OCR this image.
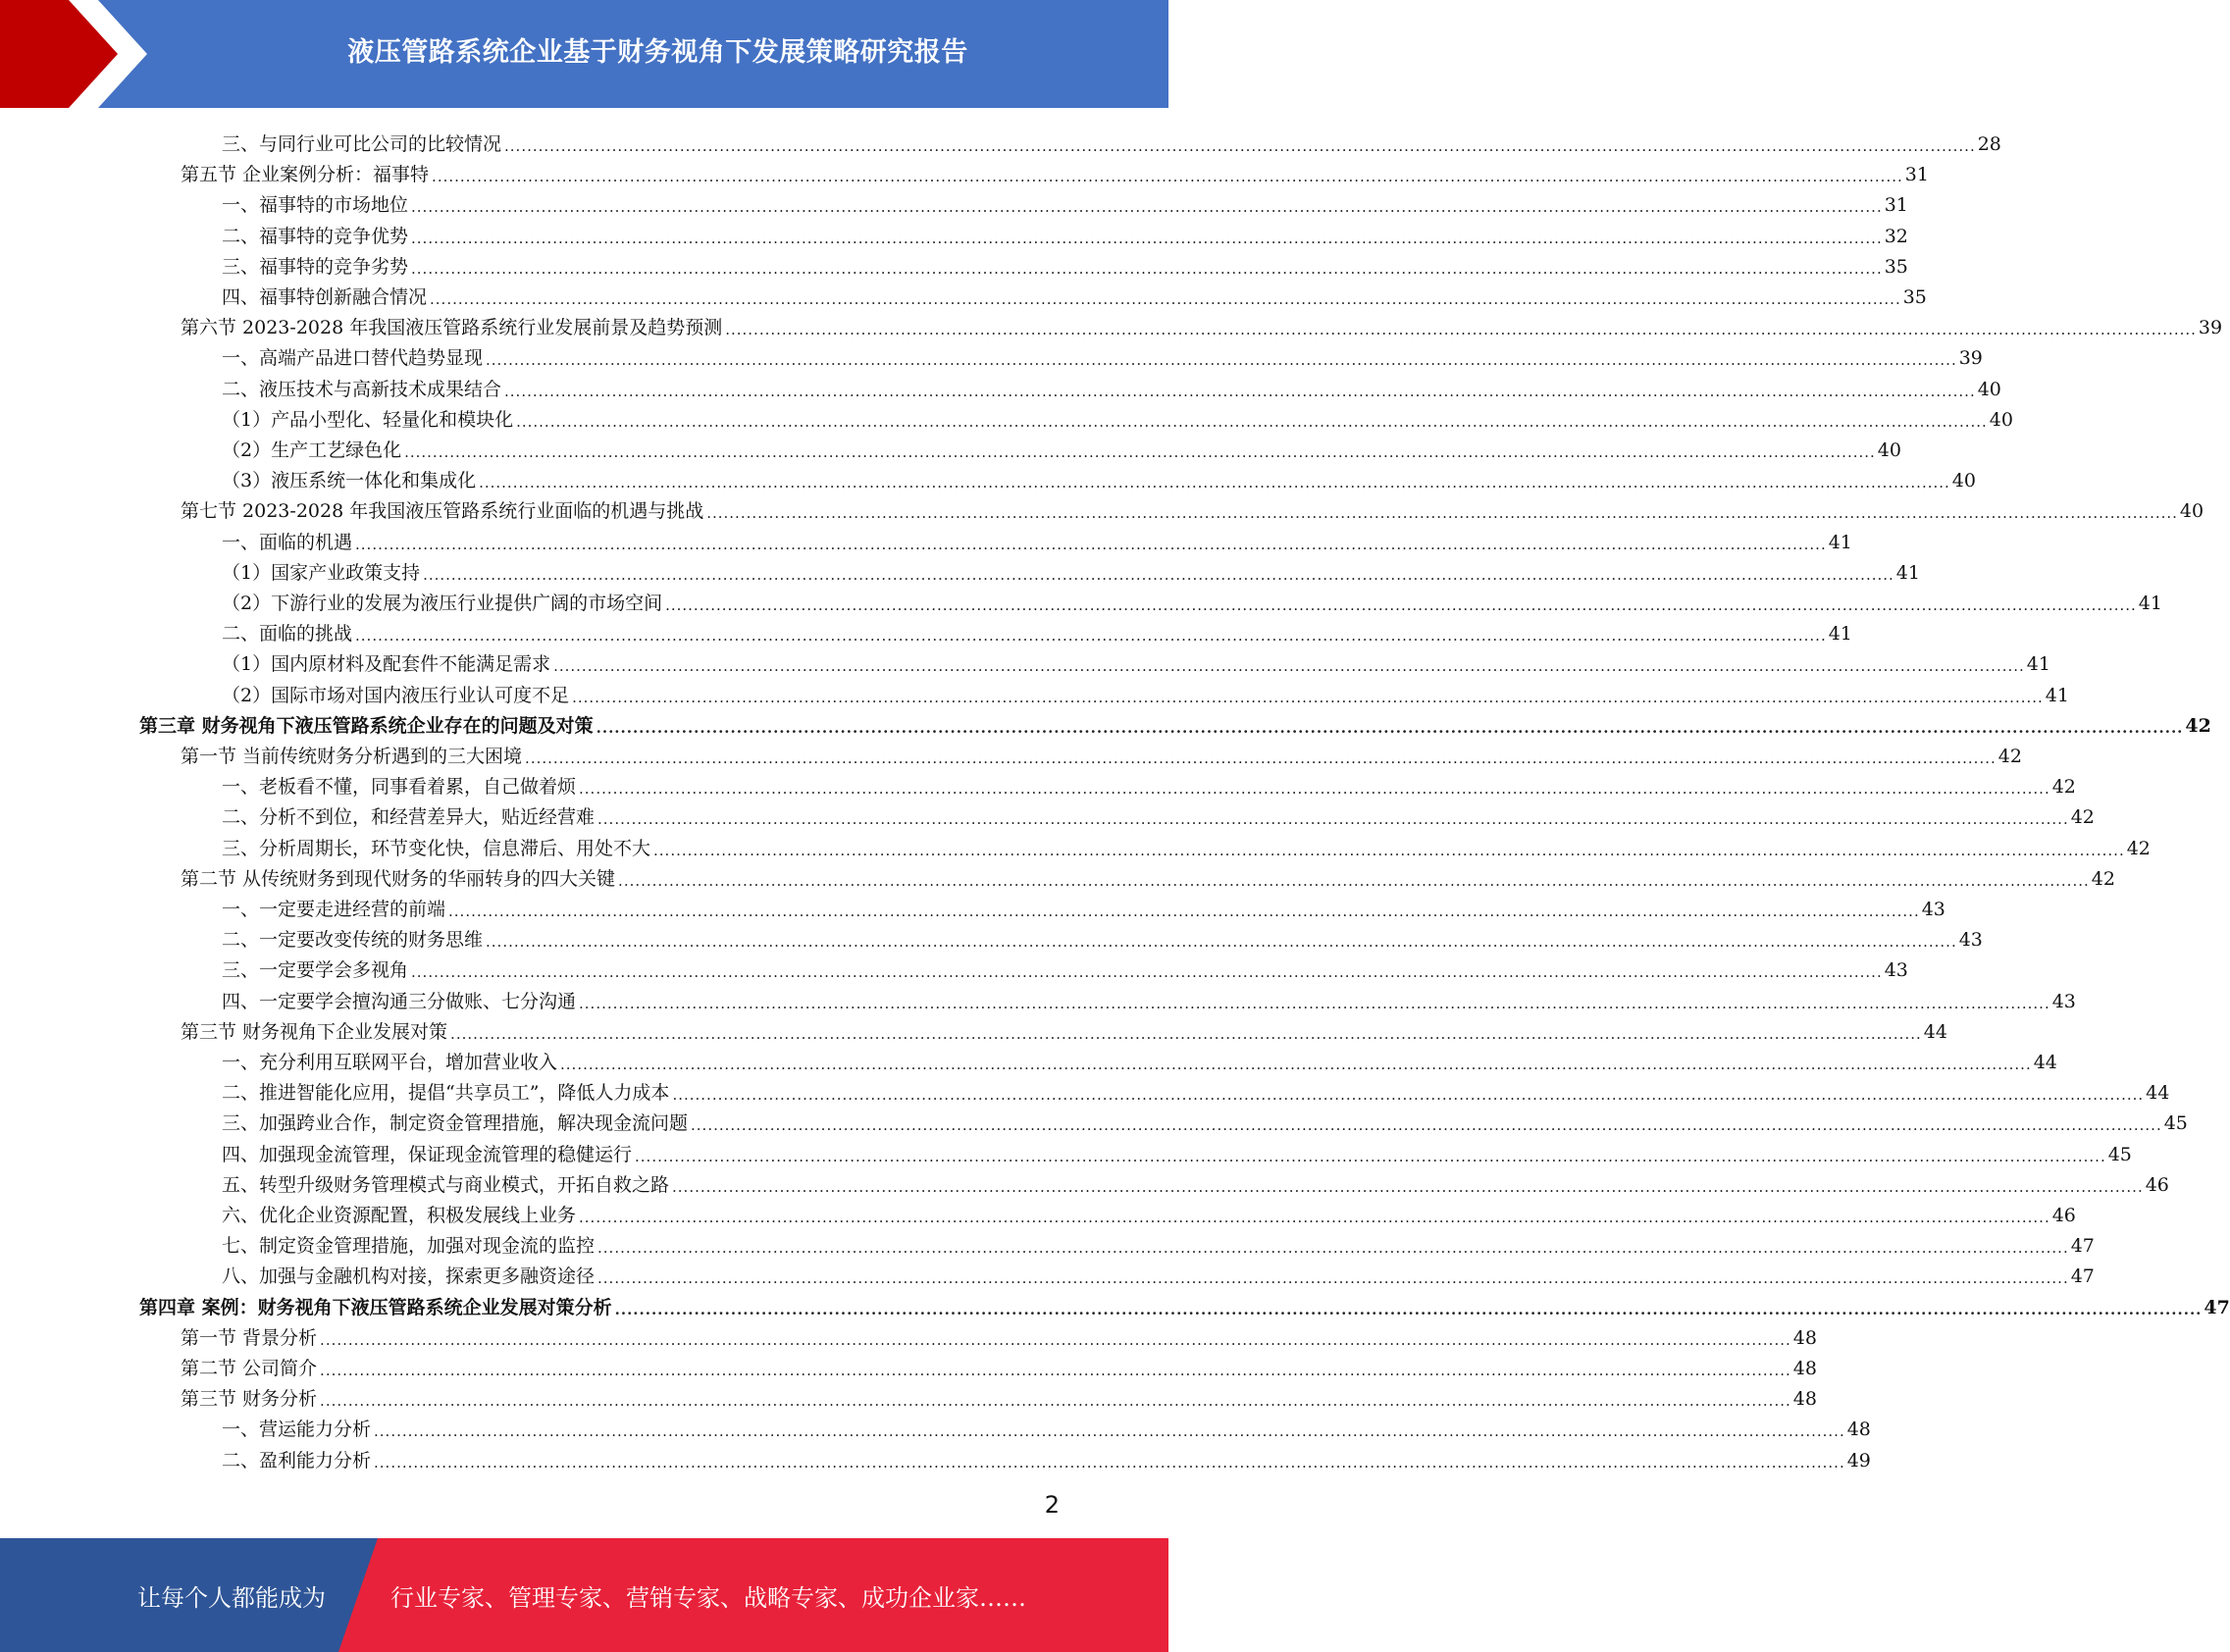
液压管路系统企业基于财务视角下发展策略研究报告
三、与同行业可比公司的比较情况 .................................................................................................................................................................................................................................................................... 28
第五节 企业案例分析：福事特 .................................................................................................................................................................................................................................................................... 31
一、福事特的市场地位 .................................................................................................................................................................................................................................................................... 31
二、福事特的竞争优势 .................................................................................................................................................................................................................................................................... 32
三、福事特的竞争劣势 .................................................................................................................................................................................................................................................................... 35
四、福事特创新融合情况 .................................................................................................................................................................................................................................................................... 35
第六节 2023-2028 年我国液压管路系统行业发展前景及趋势预测 .................................................................................................................................................................................................................................................................... 39
一、高端产品进口替代趋势显现 .................................................................................................................................................................................................................................................................... 39
二、液压技术与高新技术成果结合 .................................................................................................................................................................................................................................................................... 40
（1）产品小型化、轻量化和模块化 .................................................................................................................................................................................................................................................................... 40
（2）生产工艺绿色化 .................................................................................................................................................................................................................................................................... 40
（3）液压系统一体化和集成化 .................................................................................................................................................................................................................................................................... 40
第七节 2023-2028 年我国液压管路系统行业面临的机遇与挑战 .................................................................................................................................................................................................................................................................... 40
一、面临的机遇 .................................................................................................................................................................................................................................................................... 41
（1）国家产业政策支持 .................................................................................................................................................................................................................................................................... 41
（2）下游行业的发展为液压行业提供广阔的市场空间 .................................................................................................................................................................................................................................................................... 41
二、面临的挑战 .................................................................................................................................................................................................................................................................... 41
（1）国内原材料及配套件不能满足需求 .................................................................................................................................................................................................................................................................... 41
（2）国际市场对国内液压行业认可度不足 .................................................................................................................................................................................................................................................................... 41
第三章 财务视角下液压管路系统企业存在的问题及对策 .................................................................................................................................................................................................................................................................... 42
第一节 当前传统财务分析遇到的三大困境 .................................................................................................................................................................................................................................................................... 42
一、老板看不懂，同事看着累，自己做着烦 .................................................................................................................................................................................................................................................................... 42
二、分析不到位，和经营差异大，贴近经营难 .................................................................................................................................................................................................................................................................... 42
三、分析周期长，环节变化快，信息滞后、用处不大 .................................................................................................................................................................................................................................................................... 42
第二节 从传统财务到现代财务的华丽转身的四大关键 .................................................................................................................................................................................................................................................................... 42
一、一定要走进经营的前端 .................................................................................................................................................................................................................................................................... 43
二、一定要改变传统的财务思维 .................................................................................................................................................................................................................................................................... 43
三、一定要学会多视角 .................................................................................................................................................................................................................................................................... 43
四、一定要学会擅沟通三分做账、七分沟通 .................................................................................................................................................................................................................................................................... 43
第三节 财务视角下企业发展对策 .................................................................................................................................................................................................................................................................... 44
一、充分利用互联网平台，增加营业收入 .................................................................................................................................................................................................................................................................... 44
二、推进智能化应用，提倡“共享员工”，降低人力成本 .................................................................................................................................................................................................................................................................... 44
三、加强跨业合作，制定资金管理措施，解决现金流问题 .................................................................................................................................................................................................................................................................... 45
四、加强现金流管理，保证现金流管理的稳健运行 .................................................................................................................................................................................................................................................................... 45
五、转型升级财务管理模式与商业模式，开拓自救之路 .................................................................................................................................................................................................................................................................... 46
六、优化企业资源配置，积极发展线上业务 .................................................................................................................................................................................................................................................................... 46
七、制定资金管理措施，加强对现金流的监控 .................................................................................................................................................................................................................................................................... 47
八、加强与金融机构对接，探索更多融资途径 .................................................................................................................................................................................................................................................................... 47
第四章 案例：财务视角下液压管路系统企业发展对策分析 .................................................................................................................................................................................................................................................................... 47
第一节 背景分析 .................................................................................................................................................................................................................................................................... 48
第二节 公司简介 .................................................................................................................................................................................................................................................................... 48
第三节 财务分析 .................................................................................................................................................................................................................................................................... 48
一、营运能力分析 .................................................................................................................................................................................................................................................................... 48
二、盈利能力分析 .................................................................................................................................................................................................................................................................... 49
2
让每个人都能成为	行业专家、管理专家、营销专家、战略专家、成功企业家……
